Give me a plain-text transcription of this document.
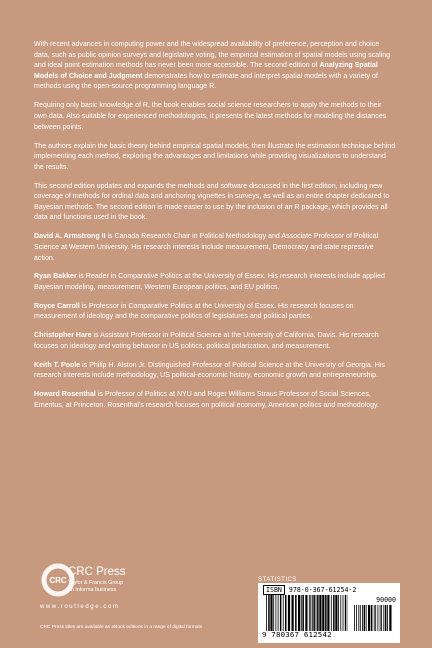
With recent advances in computing power and the widespread availability of preference, perception and choice data, such as public opinion surveys and legislative voting, the empirical estimation of spatial models using scaling and ideal point estimation methods has never been more accessible. The second edition of Analyzing Spatial Models of Choice and Judgment demonstrates how to estimate and interpret spatial models with a variety of methods using the open-source programming language R.

Requiring only basic knowledge of R, the book enables social science researchers to apply the methods to their own data. Also suitable for experienced methodologists, it presents the latest methods for modeling the distances between points.

The authors explain the basic theory behind empirical spatial models, then illustrate the estimation technique behind implementing each method, exploring the advantages and limitations while providing visualizations to understand the results.

This second edition updates and expands the methods and software discussed in the first edition, including new coverage of methods for ordinal data and anchoring vignettes in surveys, as well as an entire chapter dedicated to Bayesian methods. The second edition is made easier to use by the inclusion of an R package, which provides all data and functions used in the book.

David A. Armstrong II is Canada Research Chair in Political Methodology and Associate Professor of Political Science at Western University. His research interests include measurement, Democracy and state repressive action.

Ryan Bakker is Reader in Comparative Politics at the University of Essex. His research interests include applied Bayesian modeling, measurement, Western European politics, and EU politics.

Royce Carroll is Professor in Comparative Politics at the University of Essex. His research focuses on measurement of ideology and the comparative politics of legislatures and political parties.

Christopher Hare is Assistant Professor in Political Science at the University of California, Davis. His research focuses on ideology and voting behavior in US politics, political polarization, and measurement.

Keith T. Poole is Philip H. Alston Jr. Distinguished Professor of Political Science at the University of Georgia. His research interests include methodology, US political-economic history, economic growth and entrepreneurship.

Howard Rosenthal is Professor of Politics at NYU and Roger Williams Straus Professor of Social Sciences, Emeritus, at Princeton. Rosenthal's research focuses on political economy, American politics and methodology.

CRC
CRC Press
Taylor & Francis Group
an informa business
www.routledge.com
CRC Press titles are available as eBook editions in a range of digital formats
STATISTICS
ISBN 978-0-367-61254-2
90000
9 780367 612542
